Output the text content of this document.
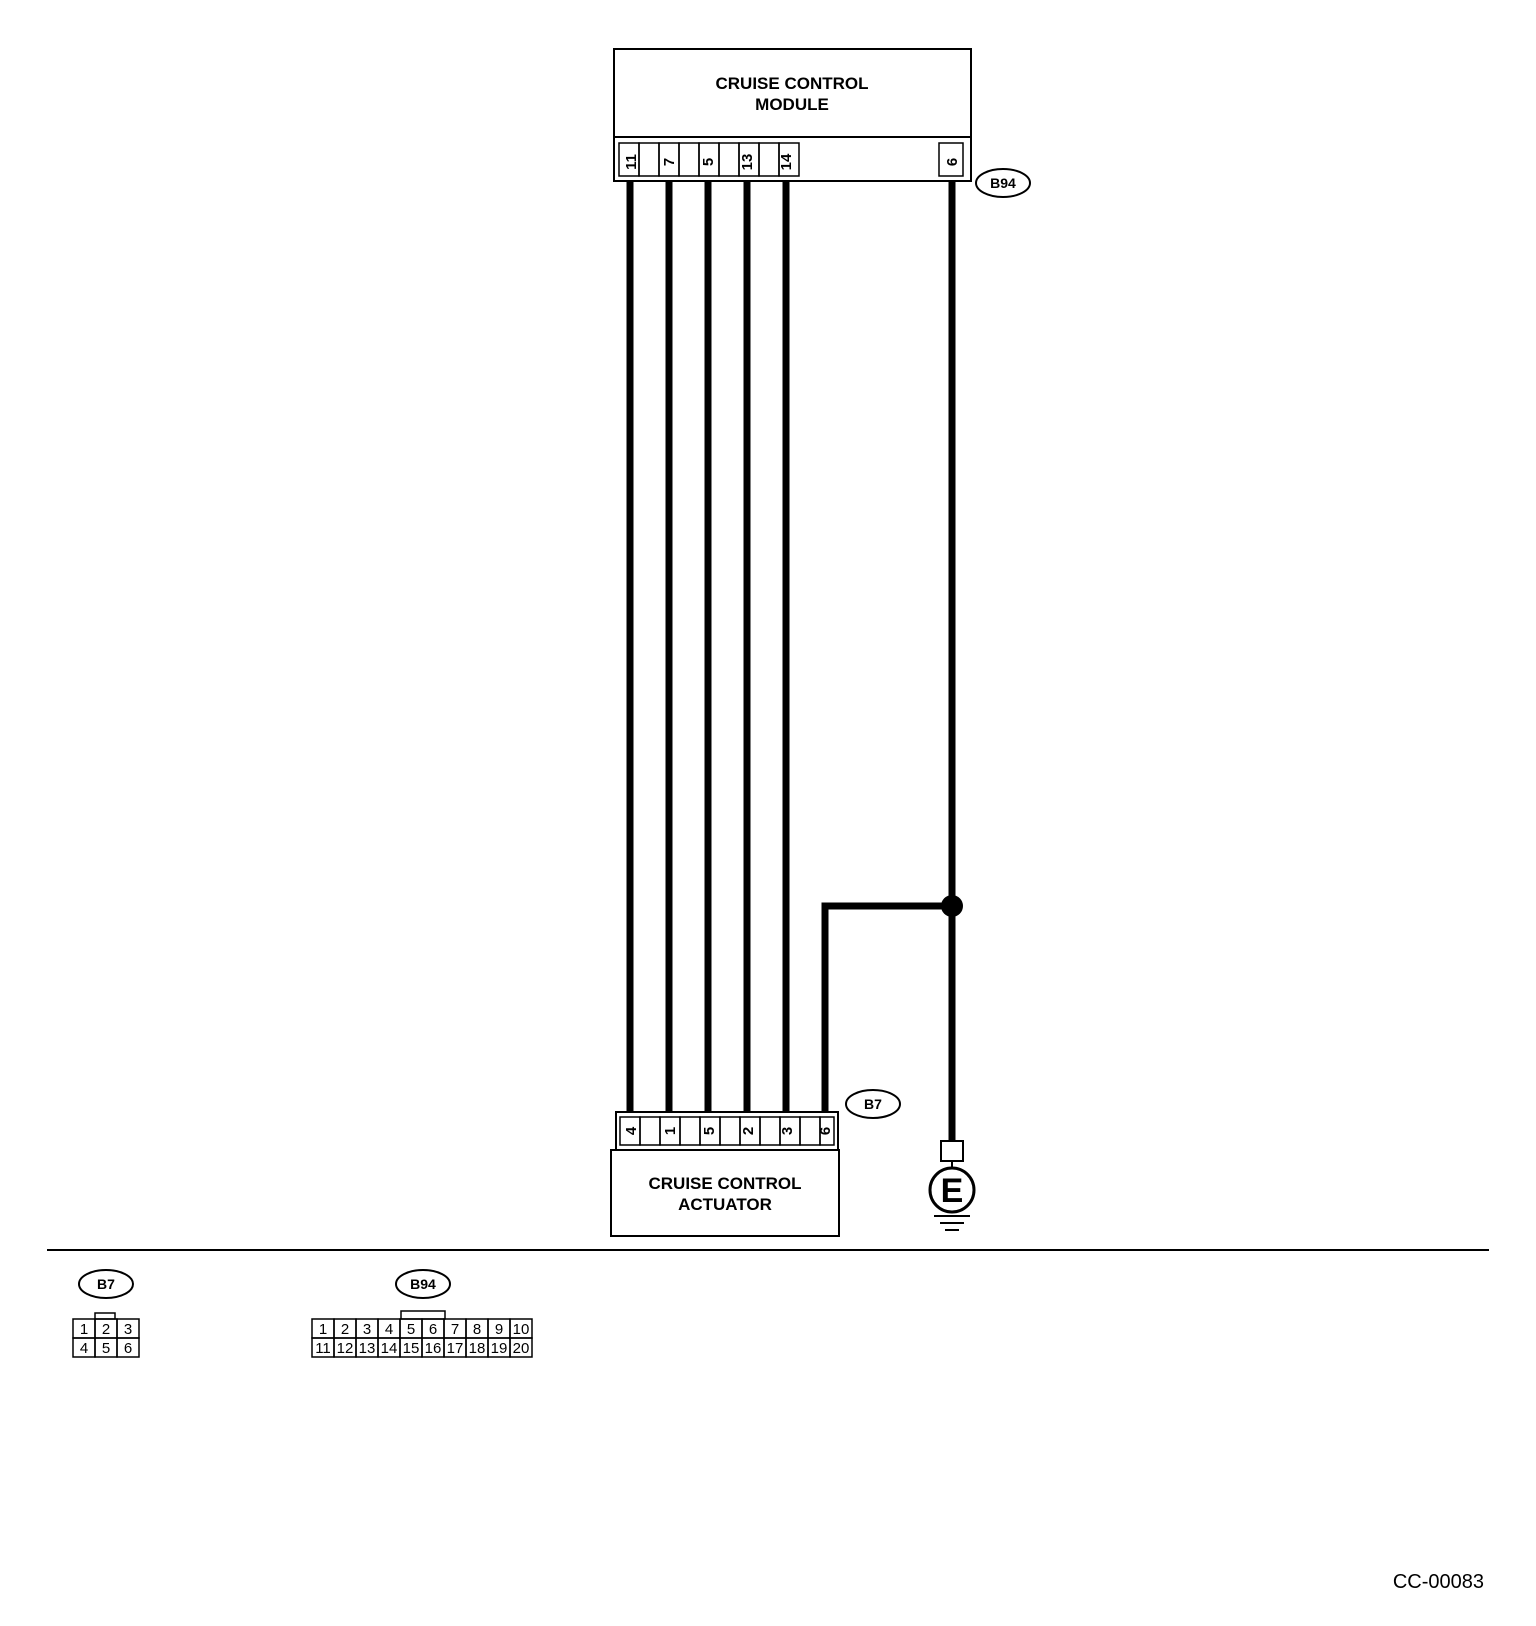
CRUISE CONTROL
MODULE
11 7 5 13 14	6
B94
4 1 5 2 3 6
CRUISE CONTROL
ACTUATOR
B7
E
B7
1 2 3
4 5 6
B94
1 2 3 4 5 6 7 8 9 10
11 12 13 14 15 16 17 18 19 20
CC-00083
